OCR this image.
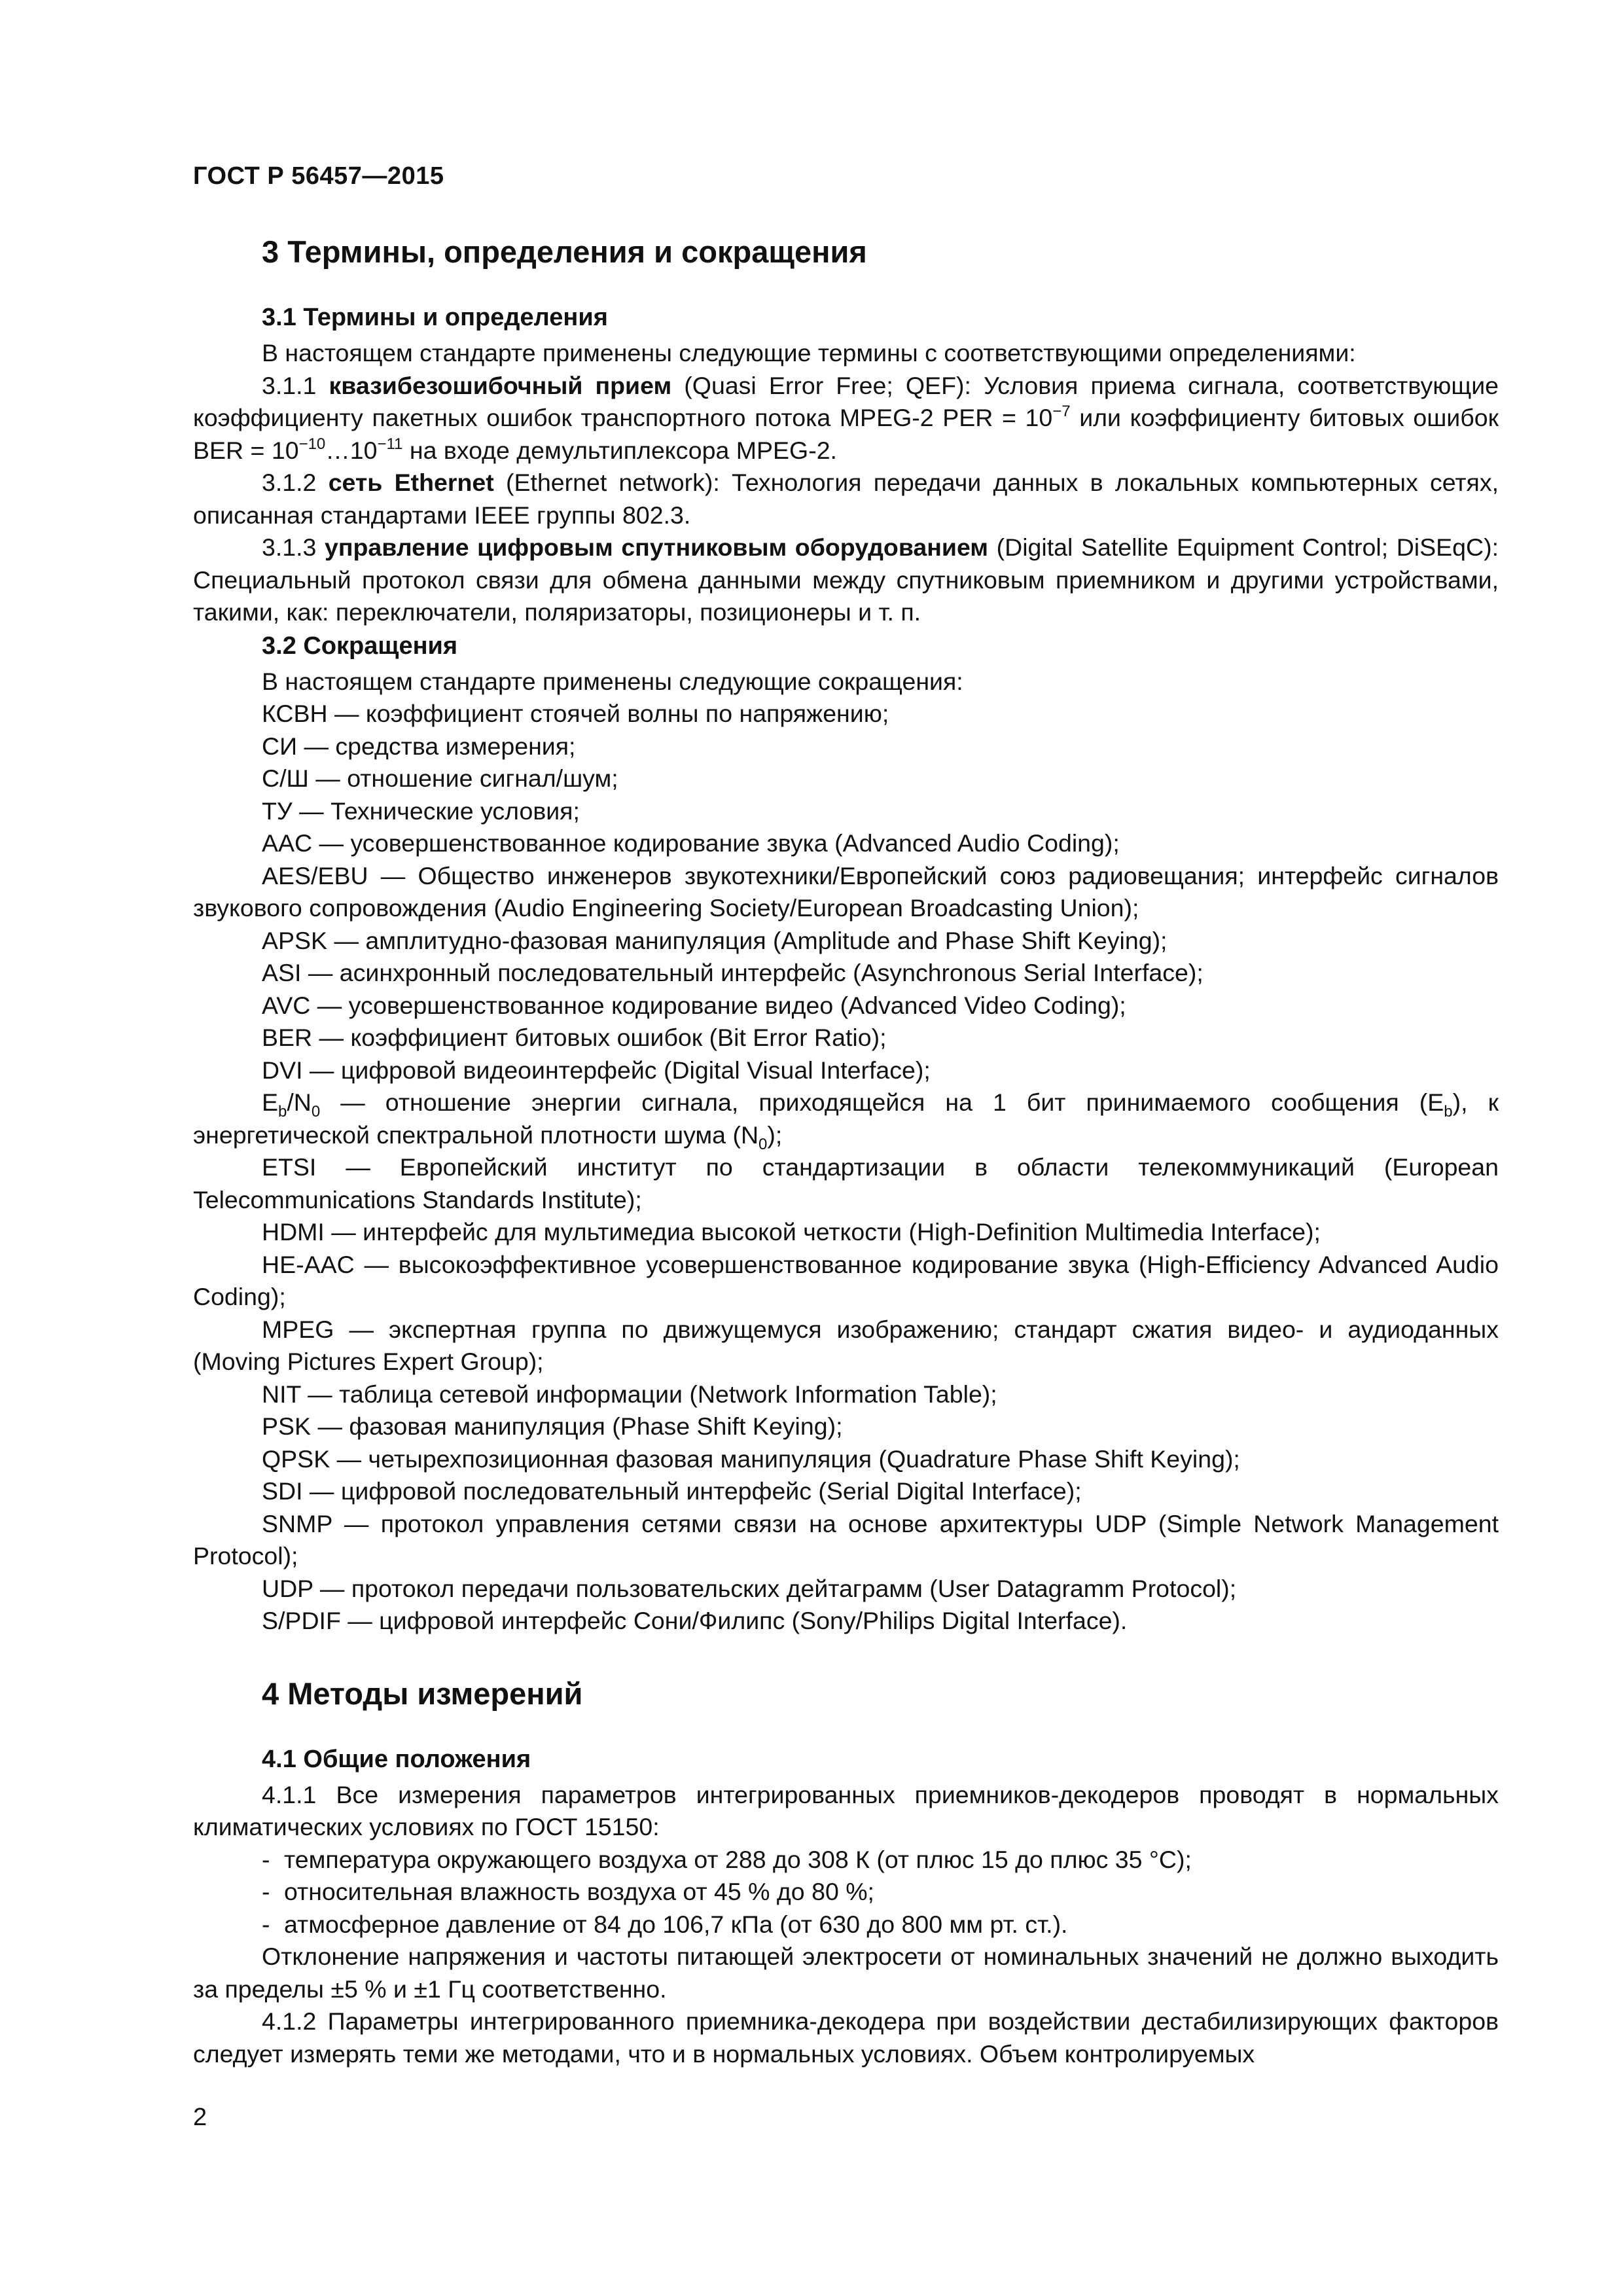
ГОСТ Р 56457—2015
3 Термины, определения и сокращения
3.1 Термины и определения

В настоящем стандарте применены следующие термины с соответствующими определениями:

3.1.1 квазибезошибочный прием (Quasi Error Free; QEF): Условия приема сигнала, соответствующие коэффициенту пакетных ошибок транспортного потока MPEG-2 PER = $10^{-7}$ или коэффициенту битовых ошибок BER = $10^{-10}\dots 10^{-11}$ на входе демультиплексора MPEG-2.

3.1.2 сеть Ethernet (Ethernet network): Технология передачи данных в локальных компьютерных сетях, описанная стандартами IEEE группы 802.3.

3.1.3 управление цифровым спутниковым оборудованием (Digital Satellite Equipment Control; DiSEqC): Специальный протокол связи для обмена данными между спутниковым приемником и другими устройствами, такими, как: переключатели, поляризаторы, позиционеры и т. п.

3.2 Сокращения

В настоящем стандарте применены следующие сокращения:

КСВН — коэффициент стоячей волны по напряжению;

СИ — средства измерения;

С/Ш — отношение сигнал/шум;

ТУ — Технические условия;

AAC — усовершенствованное кодирование звука (Advanced Audio Coding);

AES/EBU — Общество инженеров звукотехники/Европейский союз радиовещания; интерфейс сигналов звукового сопровождения (Audio Engineering Society/European Broadcasting Union);

APSK — амплитудно-фазовая манипуляция (Amplitude and Phase Shift Keying);

ASI — асинхронный последовательный интерфейс (Asynchronous Serial Interface);

AVC — усовершенствованное кодирование видео (Advanced Video Coding);

BER — коэффициент битовых ошибок (Bit Error Ratio);

DVI — цифровой видеоинтерфейс (Digital Visual Interface);

$E_b/N_0$ — отношение энергии сигнала, приходящейся на 1 бит принимаемого сообщения $(E_b)$, к энергетической спектральной плотности шума $(N_0)$;

ETSI — Европейский институт по стандартизации в области телекоммуникаций (European Telecommunications Standards Institute);

HDMI — интерфейс для мультимедиа высокой четкости (High-Definition Multimedia Interface);

HE-AAC — высокоэффективное усовершенствованное кодирование звука (High-Efficiency Advanced Audio Coding);

MPEG — экспертная группа по движущемуся изображению; стандарт сжатия видео- и аудиоданных (Moving Pictures Expert Group);

NIT — таблица сетевой информации (Network Information Table);

PSK — фазовая манипуляция (Phase Shift Keying);

QPSK — четырехпозиционная фазовая манипуляция (Quadrature Phase Shift Keying);

SDI — цифровой последовательный интерфейс (Serial Digital Interface);

SNMP — протокол управления сетями связи на основе архитектуры UDP (Simple Network Management Protocol);

UDP — протокол передачи пользовательских дейтаграмм (User Datagramm Protocol);

S/PDIF — цифровой интерфейс Сони/Филипс (Sony/Philips Digital Interface).

4 Методы измерений
4.1 Общие положения

4.1.1 Все измерения параметров интегрированных приемников-декодеров проводят в нормальных климатических условиях по ГОСТ 15150:

- температура окружающего воздуха от 288 до 308 К (от плюс 15 до плюс 35 °С);
- относительная влажность воздуха от 45 % до 80 %;
- атмосферное давление от 84 до 106,7 кПа (от 630 до 800 мм рт. ст.).

Отклонение напряжения и частоты питающей электросети от номинальных значений не должно выходить за пределы ±5 % и ±1 Гц соответственно.

4.1.2 Параметры интегрированного приемника-декодера при воздействии дестабилизирующих факторов следует измерять теми же методами, что и в нормальных условиях. Объем контролируемых

2
